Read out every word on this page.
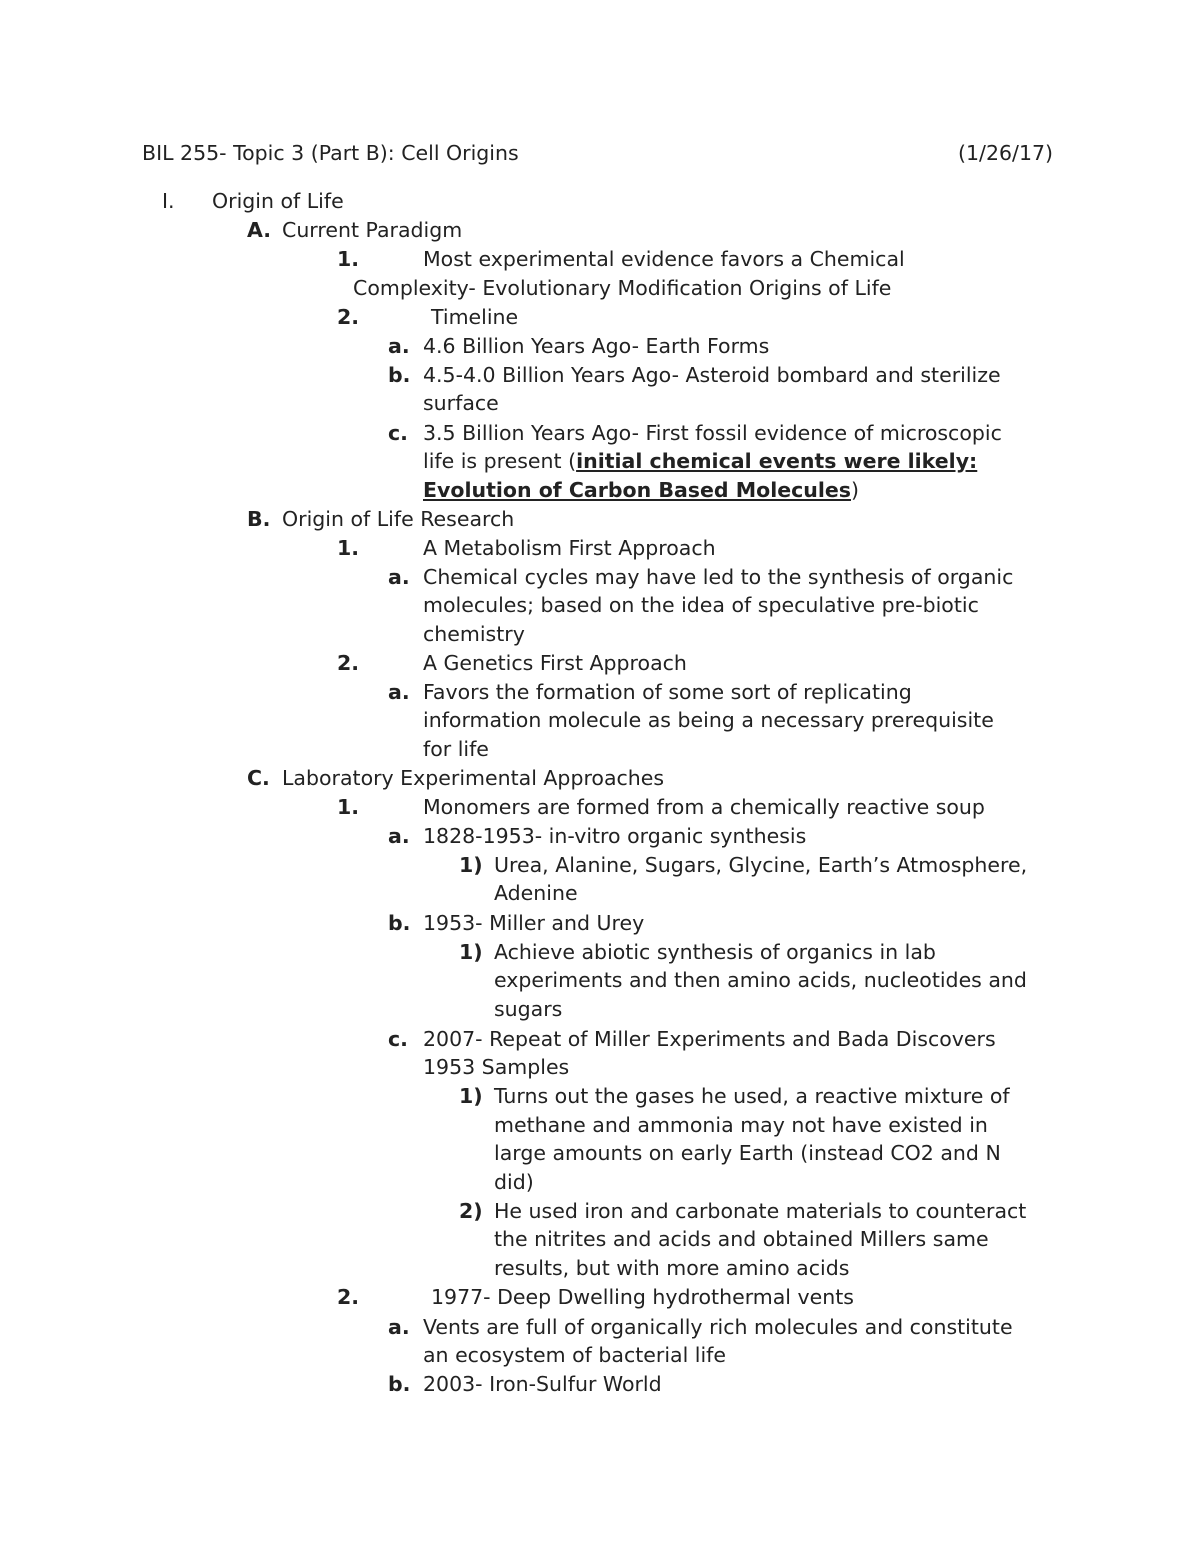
BIL 255- Topic 3 (Part B): Cell Origins	(1/26/17)
I. Origin of Life
A. Current Paradigm
1.	Most experimental evidence favors a Chemical
Complexity- Evolutionary Modification Origins of Life
2.	Timeline
a. 4.6 Billion Years Ago- Earth Forms
b. 4.5-4.0 Billion Years Ago- Asteroid bombard and sterilize
surface
c. 3.5 Billion Years Ago- First fossil evidence of microscopic
life is present (initial chemical events were likely:
Evolution of Carbon Based Molecules)
B. Origin of Life Research
1.	A Metabolism First Approach
a. Chemical cycles may have led to the synthesis of organic
molecules; based on the idea of speculative pre-biotic
chemistry
2.	A Genetics First Approach
a. Favors the formation of some sort of replicating
information molecule as being a necessary prerequisite
for life
C. Laboratory Experimental Approaches
1.	Monomers are formed from a chemically reactive soup
a. 1828-1953- in-vitro organic synthesis
1) Urea, Alanine, Sugars, Glycine, Earth’s Atmosphere,
Adenine
b. 1953- Miller and Urey
1) Achieve abiotic synthesis of organics in lab
experiments and then amino acids, nucleotides and
sugars
c. 2007- Repeat of Miller Experiments and Bada Discovers
1953 Samples
1) Turns out the gases he used, a reactive mixture of
methane and ammonia may not have existed in
large amounts on early Earth (instead CO2 and N
did)
2) He used iron and carbonate materials to counteract
the nitrites and acids and obtained Millers same
results, but with more amino acids
2.	1977- Deep Dwelling hydrothermal vents
a. Vents are full of organically rich molecules and constitute
an ecosystem of bacterial life
b. 2003- Iron-Sulfur World
